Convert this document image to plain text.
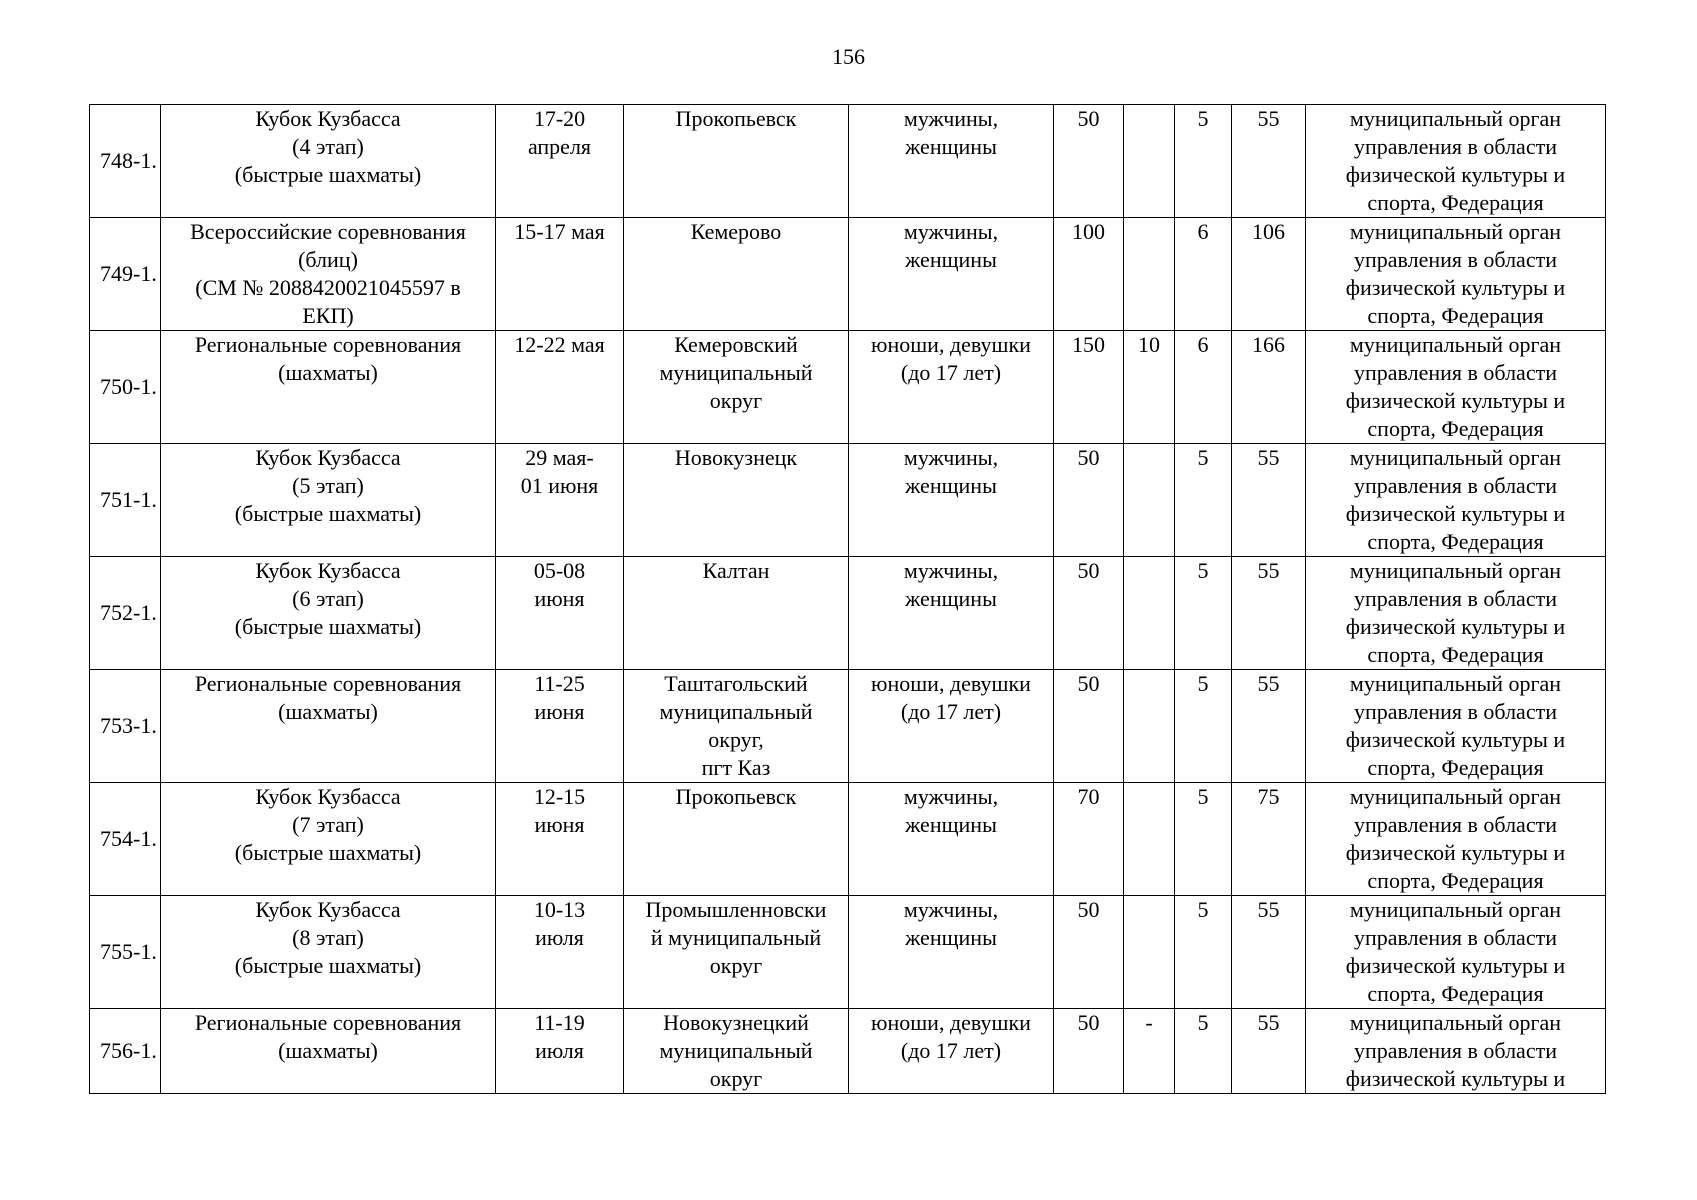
156
748-1.	Кубок Кузбасса
(4 этап)
(быстрые шахматы)	17-20
апреля	Прокопьевск	мужчины,
женщины	50		5	55	муниципальный орган
управления в области
физической культуры и
спорта, Федерация
749-1.	Всероссийские соревнования
(блиц)
(СМ № 2088420021045597 в
ЕКП)	15-17 мая	Кемерово	мужчины,
женщины	100		6	106	муниципальный орган
управления в области
физической культуры и
спорта, Федерация
750-1.	Региональные соревнования
(шахматы)	12-22 мая	Кемеровский
муниципальный
округ	юноши, девушки
(до 17 лет)	150	10	6	166	муниципальный орган
управления в области
физической культуры и
спорта, Федерация
751-1.	Кубок Кузбасса
(5 этап)
(быстрые шахматы)	29 мая-
01 июня	Новокузнецк	мужчины,
женщины	50		5	55	муниципальный орган
управления в области
физической культуры и
спорта, Федерация
752-1.	Кубок Кузбасса
(6 этап)
(быстрые шахматы)	05-08
июня	Калтан	мужчины,
женщины	50		5	55	муниципальный орган
управления в области
физической культуры и
спорта, Федерация
753-1.	Региональные соревнования
(шахматы)	11-25
июня	Таштагольский
муниципальный
округ,
пгт Каз	юноши, девушки
(до 17 лет)	50		5	55	муниципальный орган
управления в области
физической культуры и
спорта, Федерация
754-1.	Кубок Кузбасса
(7 этап)
(быстрые шахматы)	12-15
июня	Прокопьевск	мужчины,
женщины	70		5	75	муниципальный орган
управления в области
физической культуры и
спорта, Федерация
755-1.	Кубок Кузбасса
(8 этап)
(быстрые шахматы)	10-13
июля	Промышленновски
й муниципальный
округ	мужчины,
женщины	50		5	55	муниципальный орган
управления в области
физической культуры и
спорта, Федерация
756-1.	Региональные соревнования
(шахматы)	11-19
июля	Новокузнецкий
муниципальный
округ	юноши, девушки
(до 17 лет)	50	-	5	55	муниципальный орган
управления в области
физической культуры и
